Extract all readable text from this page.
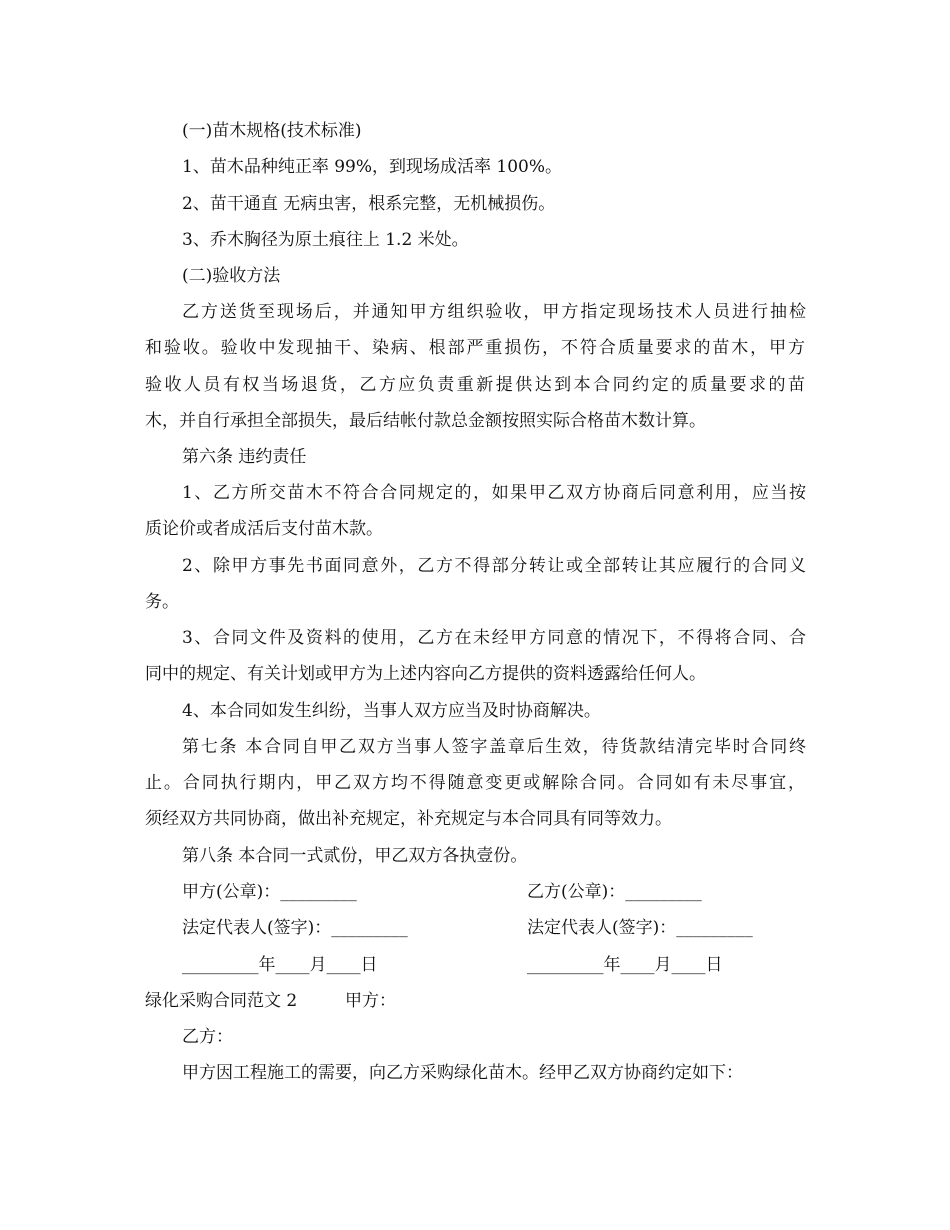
(一)苗木规格(技术标准)
1、苗木品种纯正率 99%，到现场成活率 100%。
2、苗干通直 无病虫害，根系完整，无机械损伤。
3、乔木胸径为原土痕往上 1.2 米处。
(二)验收方法
乙方送货至现场后，并通知甲方组织验收，甲方指定现场技术人员进行抽检
和验收。验收中发现抽干、染病、根部严重损伤，不符合质量要求的苗木，甲方
验收人员有权当场退货，乙方应负责重新提供达到本合同约定的质量要求的苗
木，并自行承担全部损失，最后结帐付款总金额按照实际合格苗木数计算。
第六条 违约责任
1、乙方所交苗木不符合合同规定的，如果甲乙双方协商后同意利用，应当按
质论价或者成活后支付苗木款。
2、除甲方事先书面同意外，乙方不得部分转让或全部转让其应履行的合同义
务。
3、合同文件及资料的使用，乙方在未经甲方同意的情况下，不得将合同、合
同中的规定、有关计划或甲方为上述内容向乙方提供的资料透露给任何人。
4、本合同如发生纠纷，当事人双方应当及时协商解决。
第七条 本合同自甲乙双方当事人签字盖章后生效，待货款结清完毕时合同终
止。合同执行期内，甲乙双方均不得随意变更或解除合同。合同如有未尽事宜，
须经双方共同协商，做出补充规定，补充规定与本合同具有同等效力。
第八条 本合同一式贰份，甲乙双方各执壹份。
甲方(公章)：_________	乙方(公章)：_________
法定代表人(签字)：_________	法定代表人(签字)：_________
_________年____月____日	_________年____月____日
绿化采购合同范文 2	甲方：
乙方：
甲方因工程施工的需要，向乙方采购绿化苗木。经甲乙双方协商约定如下：
